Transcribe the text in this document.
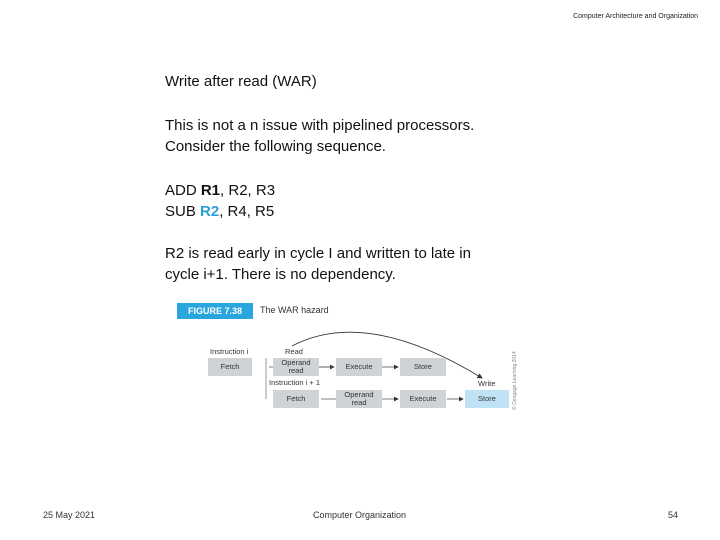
Computer Architecture and Organization
Write after read (WAR)
This is not a n issue with pipelined processors.
Consider the following sequence.
ADD R1, R2, R3
SUB R2, R4, R5
R2 is read early in cycle I and written to late in
cycle i+1. There is no dependency.
FIGURE 7.38	The WAR hazard
Instruction i	Read
Instruction i + 1	Write
Fetch	Operand read	Execute	Store
Fetch	Operand read	Execute	Store	© Cengage Learning 2014
25 May 2021	Computer Organization	54
